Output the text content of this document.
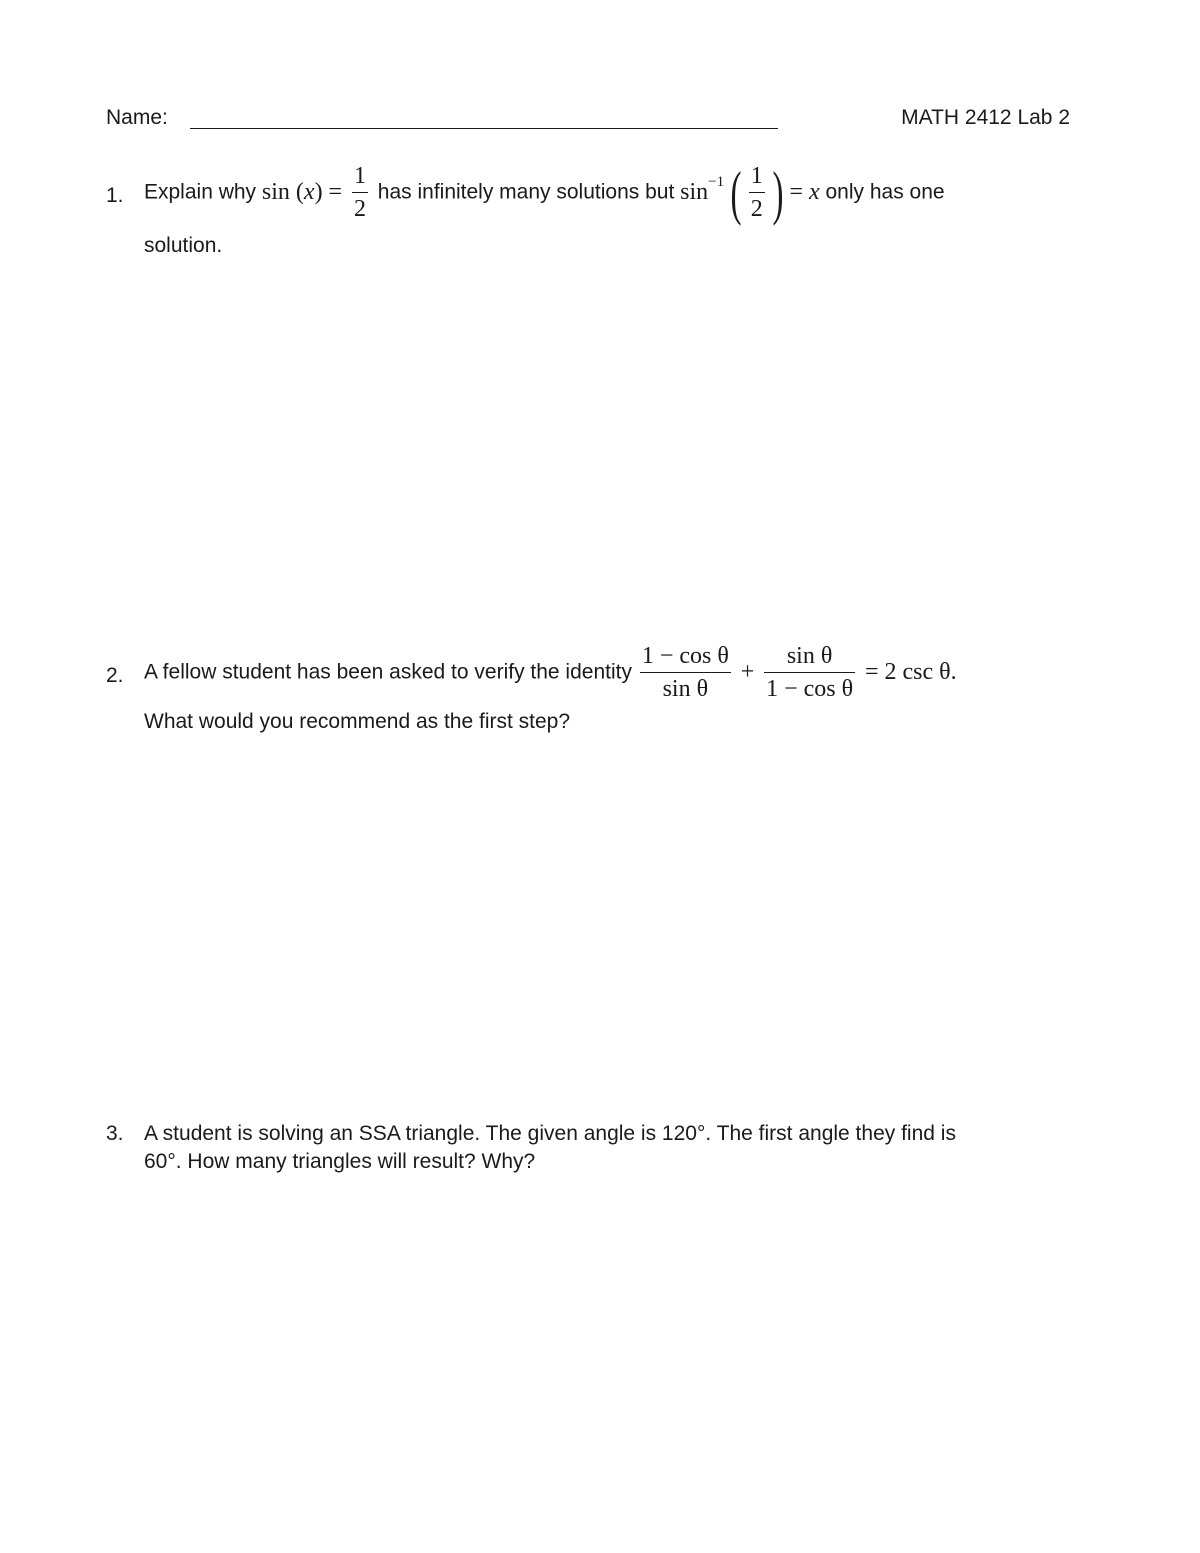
Name:	MATH 2412 Lab 2
1. Explain why $\sin (x) = \frac{1}{2}$ has infinitely many solutions but $\sin^{-1}$ ( $\frac{1}{2}$ ) = x only has one
solution.
2. A fellow student has been asked to verify the identity $\frac{\text{1 − cos θ}}{\text{sin θ}} + \frac{\text{sin θ}}{\text{1 − cos θ}} = 2$ csc θ.
What would you recommend as the first step?
3. A student is solving an SSA triangle. The given angle is 120°. The first angle they find is
60°. How many triangles will result? Why?
